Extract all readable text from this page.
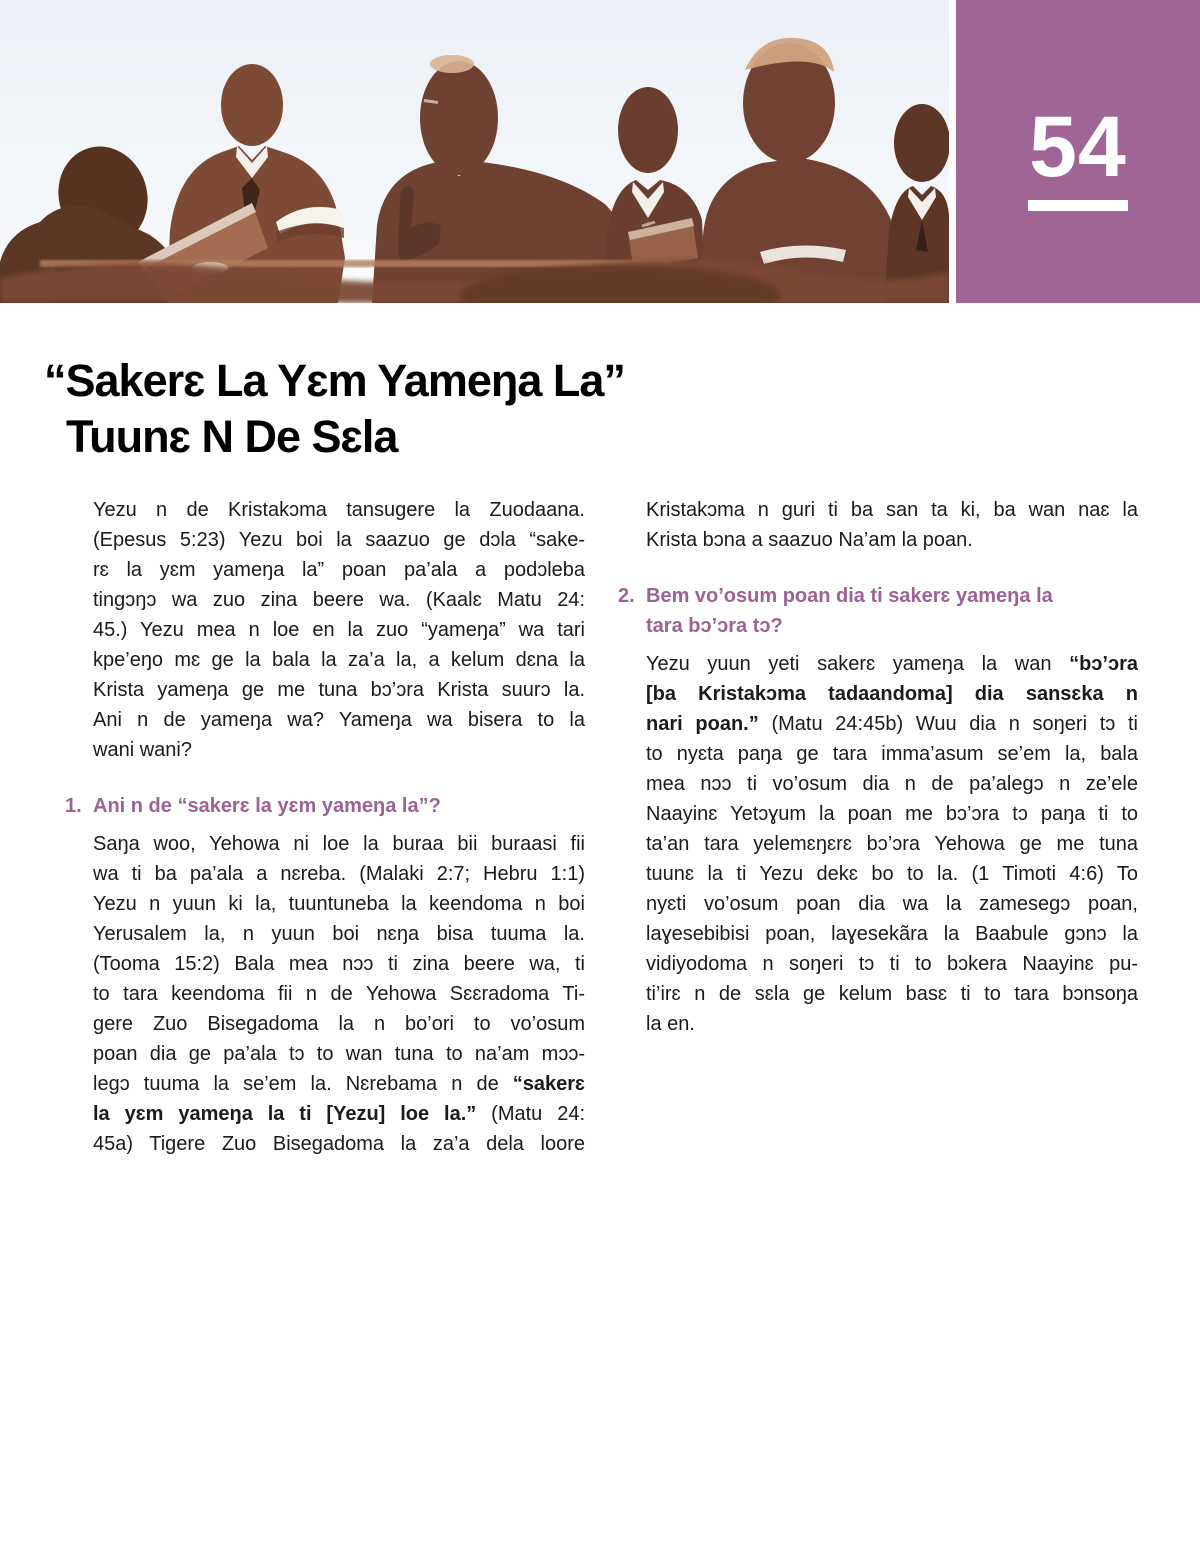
54
“Sakerɛ La Yɛm Yameŋa La”
Tuunɛ N De Sɛla
Yezu n de Kristakɔma tansugere la Zuodaana.
(Epesus 5:23) Yezu boi la saazuo ge dɔla “sake-
rɛ la yɛm yameŋa la” poan pa’ala a podɔleba
tingɔŋɔ wa zuo zina beere wa. (Kaalɛ Matu 24:
45.) Yezu mea n loe en la zuo “yameŋa” wa tari
kpe’eŋo mɛ ge la bala la za’a la, a kelum dɛna la
Krista yameŋa ge me tuna bɔ’ɔra Krista suurɔ la.
Ani n de yameŋa wa? Yameŋa wa bisera to la
wani wani?
1. Ani n de “sakerɛ la yɛm yameŋa la”?
Saŋa woo, Yehowa ni loe la buraa bii buraasi fii
wa ti ba pa’ala a nɛreba. (Malaki 2:7; Hebru 1:1)
Yezu n yuun ki la, tuuntuneba la keendoma n boi
Yerusalem la, n yuun boi nɛŋa bisa tuuma la.
(Tooma 15:2) Bala mea nɔɔ ti zina beere wa, ti
to tara keendoma fii n de Yehowa Sɛɛradoma Ti-
gere Zuo Bisegadoma la n bo’ori to vo’osum
poan dia ge pa’ala tɔ to wan tuna to na’am mɔɔ-
legɔ tuuma la se’em la. Nɛrebama n de “sakerɛ
la yɛm yameŋa la ti [Yezu] loe la.” (Matu 24:
45a) Tigere Zuo Bisegadoma la za’a dela loore
Kristakɔma n guri ti ba san ta ki, ba wan naɛ la
Krista bɔna a saazuo Na’am la poan.
2. Bem vo’osum poan dia ti sakerɛ yameŋa la
tara bɔ’ɔra tɔ?
Yezu yuun yeti sakerɛ yameŋa la wan “bɔ’ɔra
[ba Kristakɔma tadaandoma] dia sansɛka n
nari poan.” (Matu 24:45b) Wuu dia n soŋeri tɔ ti
to nyɛta paŋa ge tara imma’asum se’em la, bala
mea nɔɔ ti vo’osum dia n de pa’alegɔ n ze’ele
Naayinɛ Yetɔɣum la poan me bɔ’ɔra tɔ paŋa ti to
ta’an tara yelemɛŋɛrɛ bɔ’ɔra Yehowa ge me tuna
tuunɛ la ti Yezu dekɛ bo to la. (1 Timoti 4:6) To
nyɛti vo’osum poan dia wa la zamesegɔ poan,
laɣesebibisi poan, laɣesekãra la Baabule gɔnɔ la
vidiyodoma n soŋeri tɔ ti to bɔkera Naayinɛ pu-
ti’irɛ n de sɛla ge kelum basɛ ti to tara bɔnsoŋa
la en.
